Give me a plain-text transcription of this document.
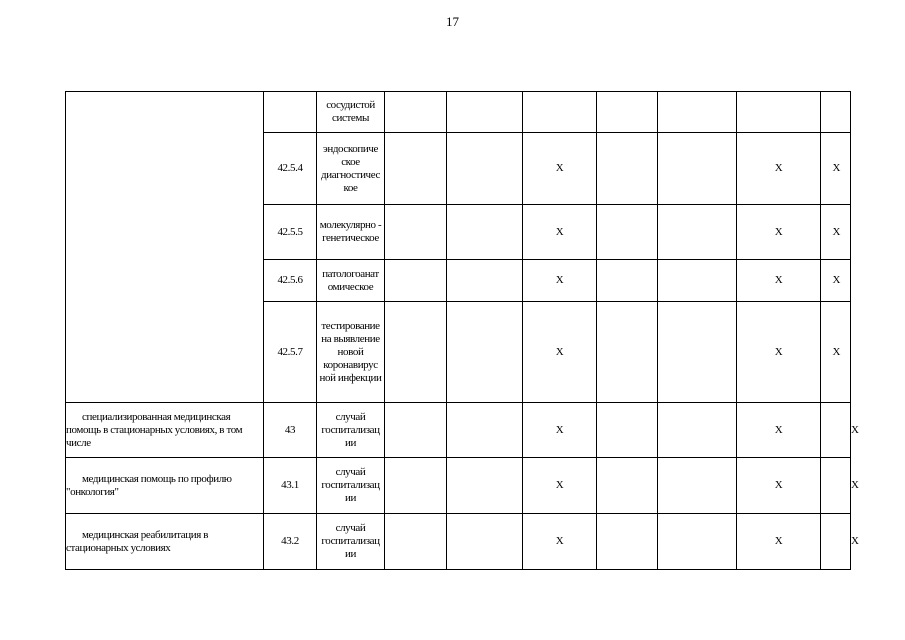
17
		сосудистой системы								
	42.5.4	эндоскопиче ское диагностичес кое			X			X	X	
	42.5.5	молекулярно - генетическое			X			X	X	
	42.5.6	патологоанат омическое			X			X	X	
	42.5.7	тестирование на выявление новой коронавирус ной инфекции			X			X	X	

специализированная медицинская помощь в стационарных условиях, в том числе	43	случай госпитализац ии			X			X		X

медицинская помощь по профилю "онкология"	43.1	случай госпитализац ии			X			X		X

медицинская реабилитация в стационарных условиях	43.2	случай госпитализац ии			X			X		X
